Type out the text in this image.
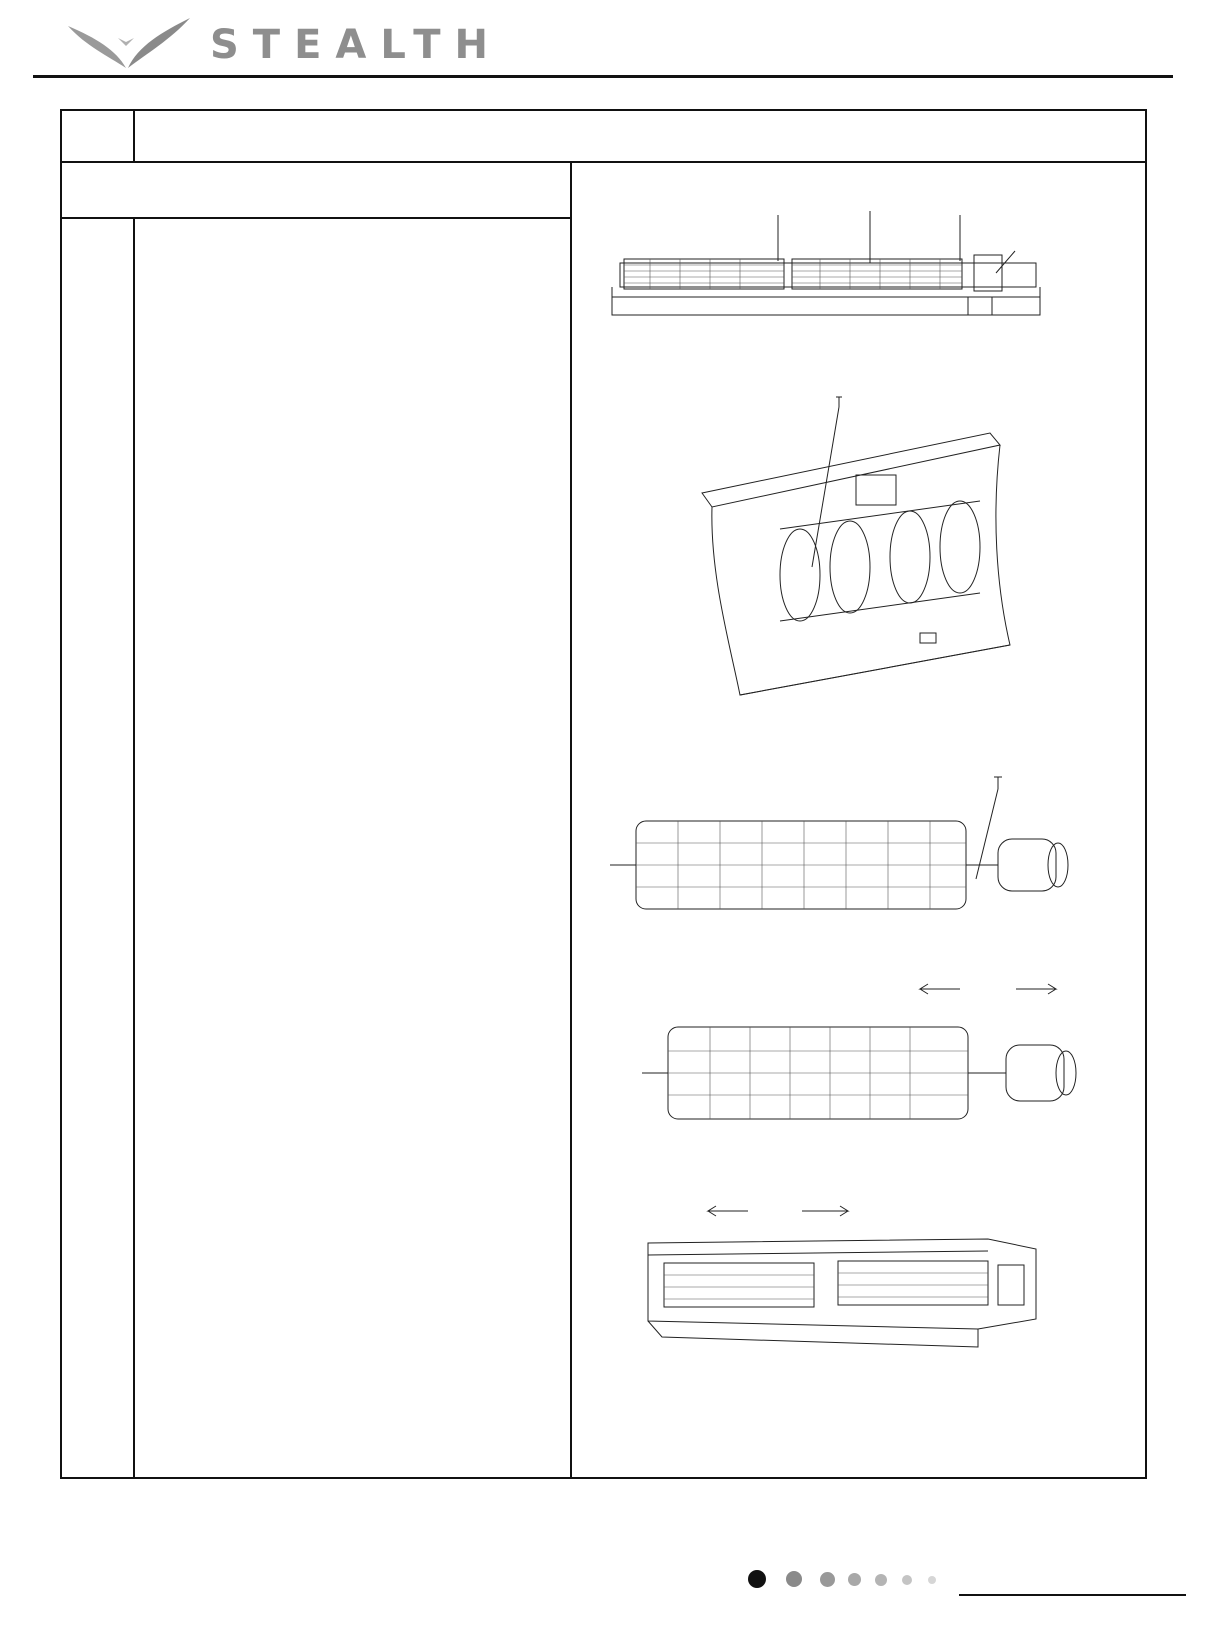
STEALTH
